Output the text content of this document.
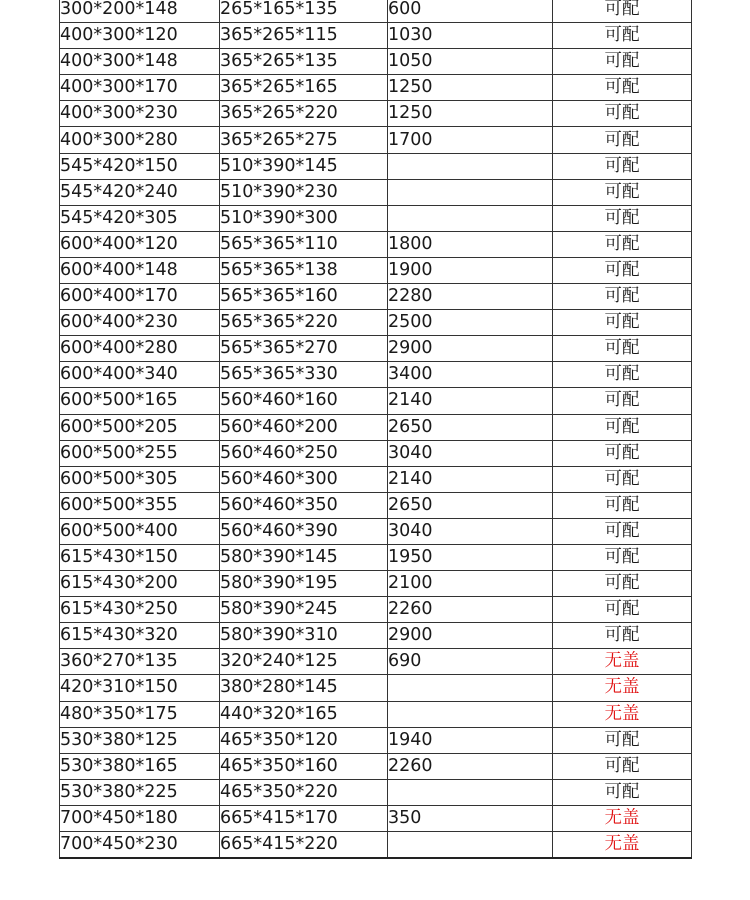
300*200*148	265*165*135	600	可配
400*300*120	365*265*115	1030	可配
400*300*148	365*265*135	1050	可配
400*300*170	365*265*165	1250	可配
400*300*230	365*265*220	1250	可配
400*300*280	365*265*275	1700	可配
545*420*150	510*390*145		可配
545*420*240	510*390*230		可配
545*420*305	510*390*300		可配
600*400*120	565*365*110	1800	可配
600*400*148	565*365*138	1900	可配
600*400*170	565*365*160	2280	可配
600*400*230	565*365*220	2500	可配
600*400*280	565*365*270	2900	可配
600*400*340	565*365*330	3400	可配
600*500*165	560*460*160	2140	可配
600*500*205	560*460*200	2650	可配
600*500*255	560*460*250	3040	可配
600*500*305	560*460*300	2140	可配
600*500*355	560*460*350	2650	可配
600*500*400	560*460*390	3040	可配
615*430*150	580*390*145	1950	可配
615*430*200	580*390*195	2100	可配
615*430*250	580*390*245	2260	可配
615*430*320	580*390*310	2900	可配
360*270*135	320*240*125	690	无盖
420*310*150	380*280*145		无盖
480*350*175	440*320*165		无盖
530*380*125	465*350*120	1940	可配
530*380*165	465*350*160	2260	可配
530*380*225	465*350*220		可配
700*450*180	665*415*170	350	无盖
700*450*230	665*415*220		无盖
